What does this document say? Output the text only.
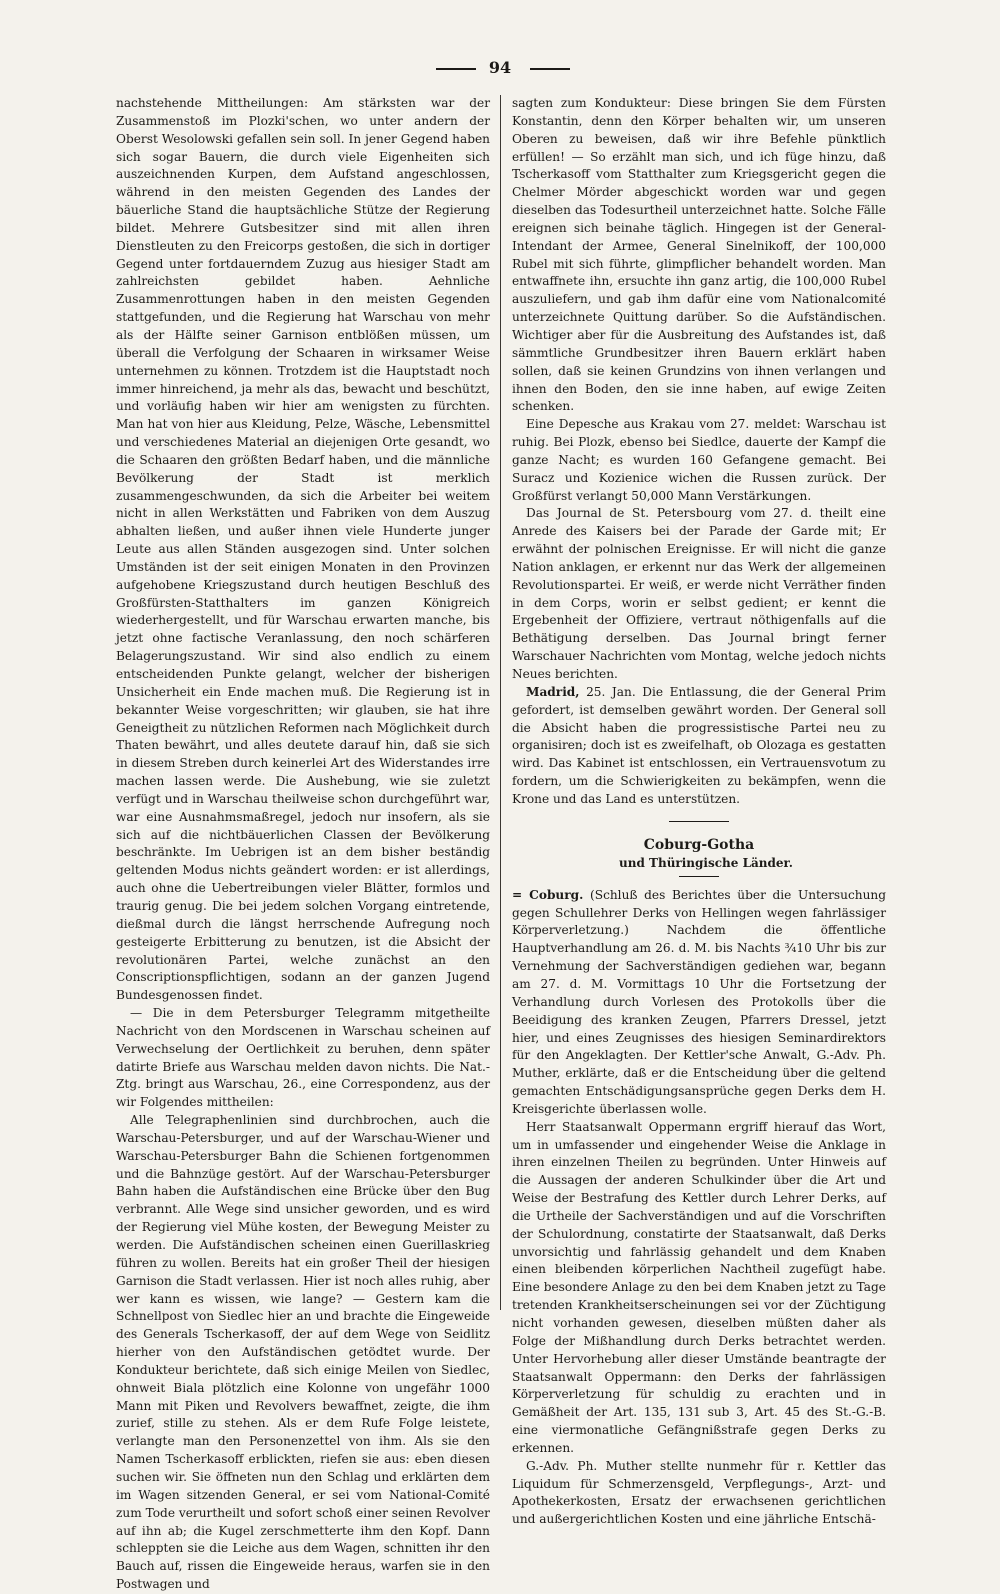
94

nachstehende Mittheilungen: Am stärksten war der Zusammenstoß im Plozki'schen, wo unter andern der Oberst Wesolowski gefallen sein soll. In jener Gegend haben sich sogar Bauern, die durch viele Eigenheiten sich auszeichnenden Kurpen, dem Aufstand angeschlossen, während in den meisten Gegenden des Landes der bäuerliche Stand die hauptsächliche Stütze der Regierung bildet. Mehrere Gutsbesitzer sind mit allen ihren Dienstleuten zu den Freicorps gestoßen, die sich in dortiger Gegend unter fortdauerndem Zuzug aus hiesiger Stadt am zahlreichsten gebildet haben. Aehnliche Zusammenrottungen haben in den meisten Gegenden stattgefunden, und die Regierung hat Warschau von mehr als der Hälfte seiner Garnison entblößen müssen, um überall die Verfolgung der Schaaren in wirksamer Weise unternehmen zu können. Trotzdem ist die Hauptstadt noch immer hinreichend, ja mehr als das, bewacht und beschützt, und vorläufig haben wir hier am wenigsten zu fürchten. Man hat von hier aus Kleidung, Pelze, Wäsche, Lebensmittel und verschiedenes Material an diejenigen Orte gesandt, wo die Schaaren den größten Bedarf haben, und die männliche Bevölkerung der Stadt ist merklich zusammengeschwunden, da sich die Arbeiter bei weitem nicht in allen Werkstätten und Fabriken von dem Auszug abhalten ließen, und außer ihnen viele Hunderte junger Leute aus allen Ständen ausgezogen sind. Unter solchen Umständen ist der seit einigen Monaten in den Provinzen aufgehobene Kriegszustand durch heutigen Beschluß des Großfürsten-Statthalters im ganzen Königreich wiederhergestellt, und für Warschau erwarten manche, bis jetzt ohne factische Veranlassung, den noch schärferen Belagerungszustand. Wir sind also endlich zu einem entscheidenden Punkte gelangt, welcher der bisherigen Unsicherheit ein Ende machen muß. Die Regierung ist in bekannter Weise vorgeschritten; wir glauben, sie hat ihre Geneigtheit zu nützlichen Reformen nach Möglichkeit durch Thaten bewährt, und alles deutete darauf hin, daß sie sich in diesem Streben durch keinerlei Art des Widerstandes irre machen lassen werde. Die Aushebung, wie sie zuletzt verfügt und in Warschau theilweise schon durchgeführt war, war eine Ausnahmsmaßregel, jedoch nur insofern, als sie sich auf die nichtbäuerlichen Classen der Bevölkerung beschränkte. Im Uebrigen ist an dem bisher beständig geltenden Modus nichts geändert worden: er ist allerdings, auch ohne die Uebertreibungen vieler Blätter, formlos und traurig genug. Die bei jedem solchen Vorgang eintretende, dießmal durch die längst herrschende Aufregung noch gesteigerte Erbitterung zu benutzen, ist die Absicht der revolutionären Partei, welche zunächst an den Conscriptionspflichtigen, sodann an der ganzen Jugend Bundesgenossen findet.

— Die in dem Petersburger Telegramm mitgetheilte Nachricht von den Mordscenen in Warschau scheinen auf Verwechselung der Oertlichkeit zu beruhen, denn später datirte Briefe aus Warschau melden davon nichts. Die Nat.-Ztg. bringt aus Warschau, 26., eine Correspondenz, aus der wir Folgendes mittheilen:

Alle Telegraphenlinien sind durchbrochen, auch die Warschau-Petersburger, und auf der Warschau-Wiener und Warschau-Petersburger Bahn die Schienen fortgenommen und die Bahnzüge gestört. Auf der Warschau-Petersburger Bahn haben die Aufständischen eine Brücke über den Bug verbrannt. Alle Wege sind unsicher geworden, und es wird der Regierung viel Mühe kosten, der Bewegung Meister zu werden. Die Aufständischen scheinen einen Guerillaskrieg führen zu wollen. Bereits hat ein großer Theil der hiesigen Garnison die Stadt verlassen. Hier ist noch alles ruhig, aber wer kann es wissen, wie lange? — Gestern kam die Schnellpost von Siedlec hier an und brachte die Eingeweide des Generals Tscherkasoff, der auf dem Wege von Seidlitz hierher von den Aufständischen getödtet wurde. Der Kondukteur berichtete, daß sich einige Meilen von Siedlec, ohnweit Biala plötzlich eine Kolonne von ungefähr 1000 Mann mit Piken und Revolvers bewaffnet, zeigte, die ihm zurief, stille zu stehen. Als er dem Rufe Folge leistete, verlangte man den Personenzettel von ihm. Als sie den Namen Tscherkasoff erblickten, riefen sie aus: eben diesen suchen wir. Sie öffneten nun den Schlag und erklärten dem im Wagen sitzenden General, er sei vom National-Comité zum Tode verurtheilt und sofort schoß einer seinen Revolver auf ihn ab; die Kugel zerschmetterte ihm den Kopf. Dann schleppten sie die Leiche aus dem Wagen, schnitten ihr den Bauch auf, rissen die Eingeweide heraus, warfen sie in den Postwagen und

sagten zum Kondukteur: Diese bringen Sie dem Fürsten Konstantin, denn den Körper behalten wir, um unseren Oberen zu beweisen, daß wir ihre Befehle pünktlich erfüllen! — So erzählt man sich, und ich füge hinzu, daß Tscherkasoff vom Statthalter zum Kriegsgericht gegen die Chelmer Mörder abgeschickt worden war und gegen dieselben das Todesurtheil unterzeichnet hatte. Solche Fälle ereignen sich beinahe täglich. Hingegen ist der General-Intendant der Armee, General Sinelnikoff, der 100,000 Rubel mit sich führte, glimpflicher behandelt worden. Man entwaffnete ihn, ersuchte ihn ganz artig, die 100,000 Rubel auszuliefern, und gab ihm dafür eine vom Nationalcomité unterzeichnete Quittung darüber. So die Aufständischen. Wichtiger aber für die Ausbreitung des Aufstandes ist, daß sämmtliche Grundbesitzer ihren Bauern erklärt haben sollen, daß sie keinen Grundzins von ihnen verlangen und ihnen den Boden, den sie inne haben, auf ewige Zeiten schenken.

Eine Depesche aus Krakau vom 27. meldet: Warschau ist ruhig. Bei Plozk, ebenso bei Siedlce, dauerte der Kampf die ganze Nacht; es wurden 160 Gefangene gemacht. Bei Suracz und Kozienice wichen die Russen zurück. Der Großfürst verlangt 50,000 Mann Verstärkungen.

Das Journal de St. Petersbourg vom 27. d. theilt eine Anrede des Kaisers bei der Parade der Garde mit; Er erwähnt der polnischen Ereignisse. Er will nicht die ganze Nation anklagen, er erkennt nur das Werk der allgemeinen Revolutionspartei. Er weiß, er werde nicht Verräther finden in dem Corps, worin er selbst gedient; er kennt die Ergebenheit der Offiziere, vertraut nöthigenfalls auf die Bethätigung derselben. Das Journal bringt ferner Warschauer Nachrichten vom Montag, welche jedoch nichts Neues berichten.

Madrid, 25. Jan. Die Entlassung, die der General Prim gefordert, ist demselben gewährt worden. Der General soll die Absicht haben die progressistische Partei neu zu organisiren; doch ist es zweifelhaft, ob Olozaga es gestatten wird. Das Kabinet ist entschlossen, ein Vertrauensvotum zu fordern, um die Schwierigkeiten zu bekämpfen, wenn die Krone und das Land es unterstützen.

Coburg-Gotha

und Thüringische Länder.

= Coburg. (Schluß des Berichtes über die Untersuchung gegen Schullehrer Derks von Hellingen wegen fahrlässiger Körperverletzung.) Nachdem die öffentliche Hauptverhandlung am 26. d. M. bis Nachts ¾10 Uhr bis zur Vernehmung der Sachverständigen gediehen war, begann am 27. d. M. Vormittags 10 Uhr die Fortsetzung der Verhandlung durch Vorlesen des Protokolls über die Beeidigung des kranken Zeugen, Pfarrers Dressel, jetzt hier, und eines Zeugnisses des hiesigen Seminardirektors für den Angeklagten. Der Kettler'sche Anwalt, G.-Adv. Ph. Muther, erklärte, daß er die Entscheidung über die geltend gemachten Entschädigungsansprüche gegen Derks dem H. Kreisgerichte überlassen wolle.

Herr Staatsanwalt Oppermann ergriff hierauf das Wort, um in umfassender und eingehender Weise die Anklage in ihren einzelnen Theilen zu begründen. Unter Hinweis auf die Aussagen der anderen Schulkinder über die Art und Weise der Bestrafung des Kettler durch Lehrer Derks, auf die Urtheile der Sachverständigen und auf die Vorschriften der Schulordnung, constatirte der Staatsanwalt, daß Derks unvorsichtig und fahrlässig gehandelt und dem Knaben einen bleibenden körperlichen Nachtheil zugefügt habe. Eine besondere Anlage zu den bei dem Knaben jetzt zu Tage tretenden Krankheitserscheinungen sei vor der Züchtigung nicht vorhanden gewesen, dieselben müßten daher als Folge der Mißhandlung durch Derks betrachtet werden. Unter Hervorhebung aller dieser Umstände beantragte der Staatsanwalt Oppermann: den Derks der fahrlässigen Körperverletzung für schuldig zu erachten und in Gemäßheit der Art. 135, 131 sub 3, Art. 45 des St.-G.-B. eine viermonatliche Gefängnißstrafe gegen Derks zu erkennen.

G.-Adv. Ph. Muther stellte nunmehr für r. Kettler das Liquidum für Schmerzensgeld, Verpflegungs-, Arzt- und Apothekerkosten, Ersatz der erwachsenen gerichtlichen und außergerichtlichen Kosten und eine jährliche Entschä-
